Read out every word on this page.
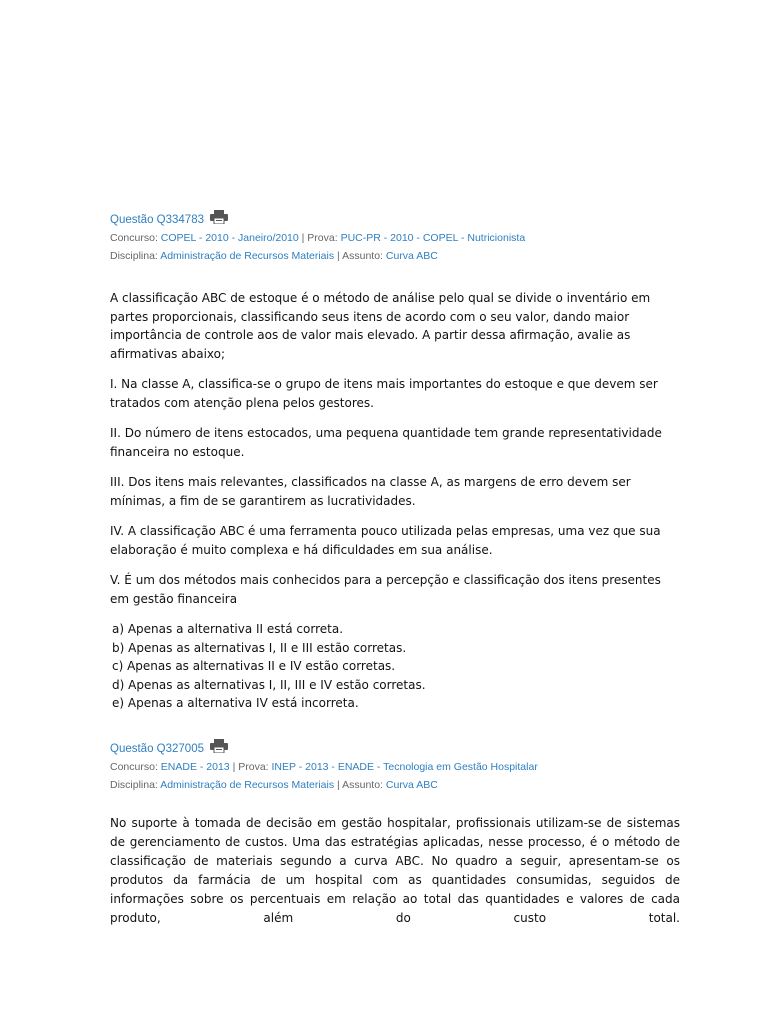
Questão Q334783
Concurso: COPEL - 2010 - Janeiro/2010 | Prova: PUC-PR - 2010 - COPEL - Nutricionista
Disciplina: Administração de Recursos Materiais | Assunto: Curva ABC

A classificação ABC de estoque é o método de análise pelo qual se divide o inventário em partes proporcionais, classificando seus itens de acordo com o seu valor, dando maior importância de controle aos de valor mais elevado. A partir dessa afirmação, avalie as afirmativas abaixo;

I. Na classe A, classifica-se o grupo de itens mais importantes do estoque e que devem ser tratados com atenção plena pelos gestores.

II. Do número de itens estocados, uma pequena quantidade tem grande representatividade financeira no estoque.

III. Dos itens mais relevantes, classificados na classe A, as margens de erro devem ser mínimas, a fim de se garantirem as lucratividades.

IV. A classificação ABC é uma ferramenta pouco utilizada pelas empresas, uma vez que sua elaboração é muito complexa e há dificuldades em sua análise.

V. É um dos métodos mais conhecidos para a percepção e classificação dos itens presentes em gestão financeira

a) Apenas a alternativa II está correta.
b) Apenas as alternativas I, II e III estão corretas.
c) Apenas as alternativas II e IV estão corretas.
d) Apenas as alternativas I, II, III e IV estão corretas.
e) Apenas a alternativa IV está incorreta.
Questão Q327005
Concurso: ENADE - 2013 | Prova: INEP - 2013 - ENADE - Tecnologia em Gestão Hospitalar
Disciplina: Administração de Recursos Materiais | Assunto: Curva ABC

No suporte à tomada de decisão em gestão hospitalar, profissionais utilizam-se de sistemas de gerenciamento de custos. Uma das estratégias aplicadas, nesse processo, é o método de classificação de materiais segundo a curva ABC. No quadro a seguir, apresentam-se os produtos da farmácia de um hospital com as quantidades consumidas, seguidos de informações sobre os percentuais em relação ao total das quantidades e valores de cada produto, além do custo total.
